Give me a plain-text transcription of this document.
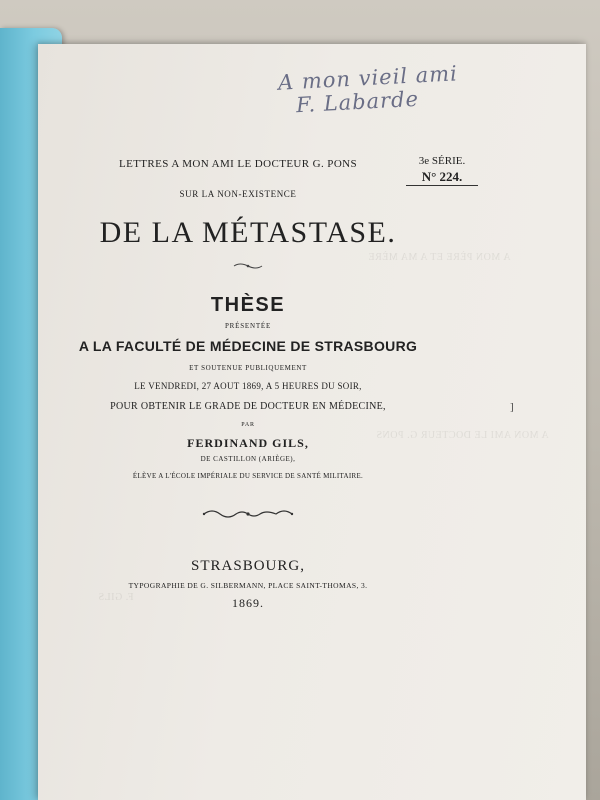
A MON PÈRE ET A MA MÈRE
A MON AMI LE DOCTEUR G. PONS
F. GILS
A mon vieil ami
F. Labarde
3e SÉRIE.
N° 224.
LETTRES A MON AMI LE DOCTEUR G. PONS
SUR LA NON-EXISTENCE
DE LA MÉTASTASE.
THÈSE
PRÉSENTÉE
A LA FACULTÉ DE MÉDECINE DE STRASBOURG
ET SOUTENUE PUBLIQUEMENT
LE VENDREDI, 27 AOUT 1869, A 5 HEURES DU SOIR,
POUR OBTENIR LE GRADE DE DOCTEUR EN MÉDECINE,	]
PAR
FERDINAND GILS,
DE CASTILLON (ARIÈGE),
ÉLÈVE A L'ÉCOLE IMPÉRIALE DU SERVICE DE SANTÉ MILITAIRE.
STRASBOURG,
TYPOGRAPHIE DE G. SILBERMANN, PLACE SAINT-THOMAS, 3.
1869.
